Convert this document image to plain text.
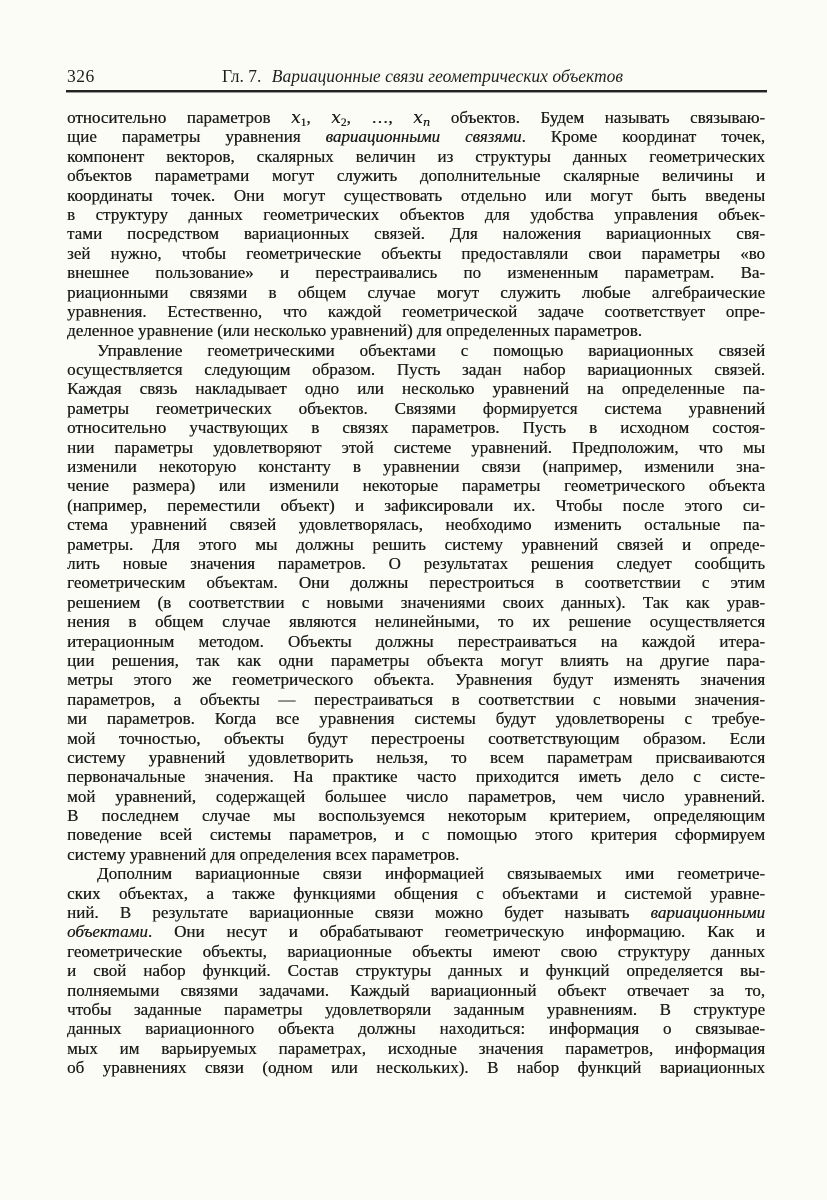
326	Гл. 7. Вариационные связи геометрических объектов
относительно параметров x1, x2, …, xn объектов. Будем называть связываю-
щие параметры уравнения вариационными связями. Кроме координат точек,
компонент векторов, скалярных величин из структуры данных геометрических
объектов параметрами могут служить дополнительные скалярные величины и
координаты точек. Они могут существовать отдельно или могут быть введены
в структуру данных геометрических объектов для удобства управления объек-
тами посредством вариационных связей. Для наложения вариационных свя-
зей нужно, чтобы геометрические объекты предоставляли свои параметры «во
внешнее пользование» и перестраивались по измененным параметрам. Ва-
риационными связями в общем случае могут служить любые алгебраические
уравнения. Естественно, что каждой геометрической задаче соответствует опре-
деленное уравнение (или несколько уравнений) для определенных параметров.
Управление геометрическими объектами с помощью вариационных связей
осуществляется следующим образом. Пусть задан набор вариационных связей.
Каждая связь накладывает одно или несколько уравнений на определенные па-
раметры геометрических объектов. Связями формируется система уравнений
относительно участвующих в связях параметров. Пусть в исходном состоя-
нии параметры удовлетворяют этой системе уравнений. Предположим, что мы
изменили некоторую константу в уравнении связи (например, изменили зна-
чение размера) или изменили некоторые параметры геометрического объекта
(например, переместили объект) и зафиксировали их. Чтобы после этого си-
стема уравнений связей удовлетворялась, необходимо изменить остальные па-
раметры. Для этого мы должны решить систему уравнений связей и опреде-
лить новые значения параметров. О результатах решения следует сообщить
геометрическим объектам. Они должны перестроиться в соответствии с этим
решением (в соответствии с новыми значениями своих данных). Так как урав-
нения в общем случае являются нелинейными, то их решение осуществляется
итерационным методом. Объекты должны перестраиваться на каждой итера-
ции решения, так как одни параметры объекта могут влиять на другие пара-
метры этого же геометрического объекта. Уравнения будут изменять значения
параметров, а объекты — перестраиваться в соответствии с новыми значения-
ми параметров. Когда все уравнения системы будут удовлетворены с требуе-
мой точностью, объекты будут перестроены соответствующим образом. Если
систему уравнений удовлетворить нельзя, то всем параметрам присваиваются
первоначальные значения. На практике часто приходится иметь дело с систе-
мой уравнений, содержащей большее число параметров, чем число уравнений.
В последнем случае мы воспользуемся некоторым критерием, определяющим
поведение всей системы параметров, и с помощью этого критерия сформируем
систему уравнений для определения всех параметров.
Дополним вариационные связи информацией связываемых ими геометриче-
ских объектах, а также функциями общения с объектами и системой уравне-
ний. В результате вариационные связи можно будет называть вариационными
объектами. Они несут и обрабатывают геометрическую информацию. Как и
геометрические объекты, вариационные объекты имеют свою структуру данных
и свой набор функций. Состав структуры данных и функций определяется вы-
полняемыми связями задачами. Каждый вариационный объект отвечает за то,
чтобы заданные параметры удовлетворяли заданным уравнениям. В структуре
данных вариационного объекта должны находиться: информация о связывае-
мых им варьируемых параметрах, исходные значения параметров, информация
об уравнениях связи (одном или нескольких). В набор функций вариационных
